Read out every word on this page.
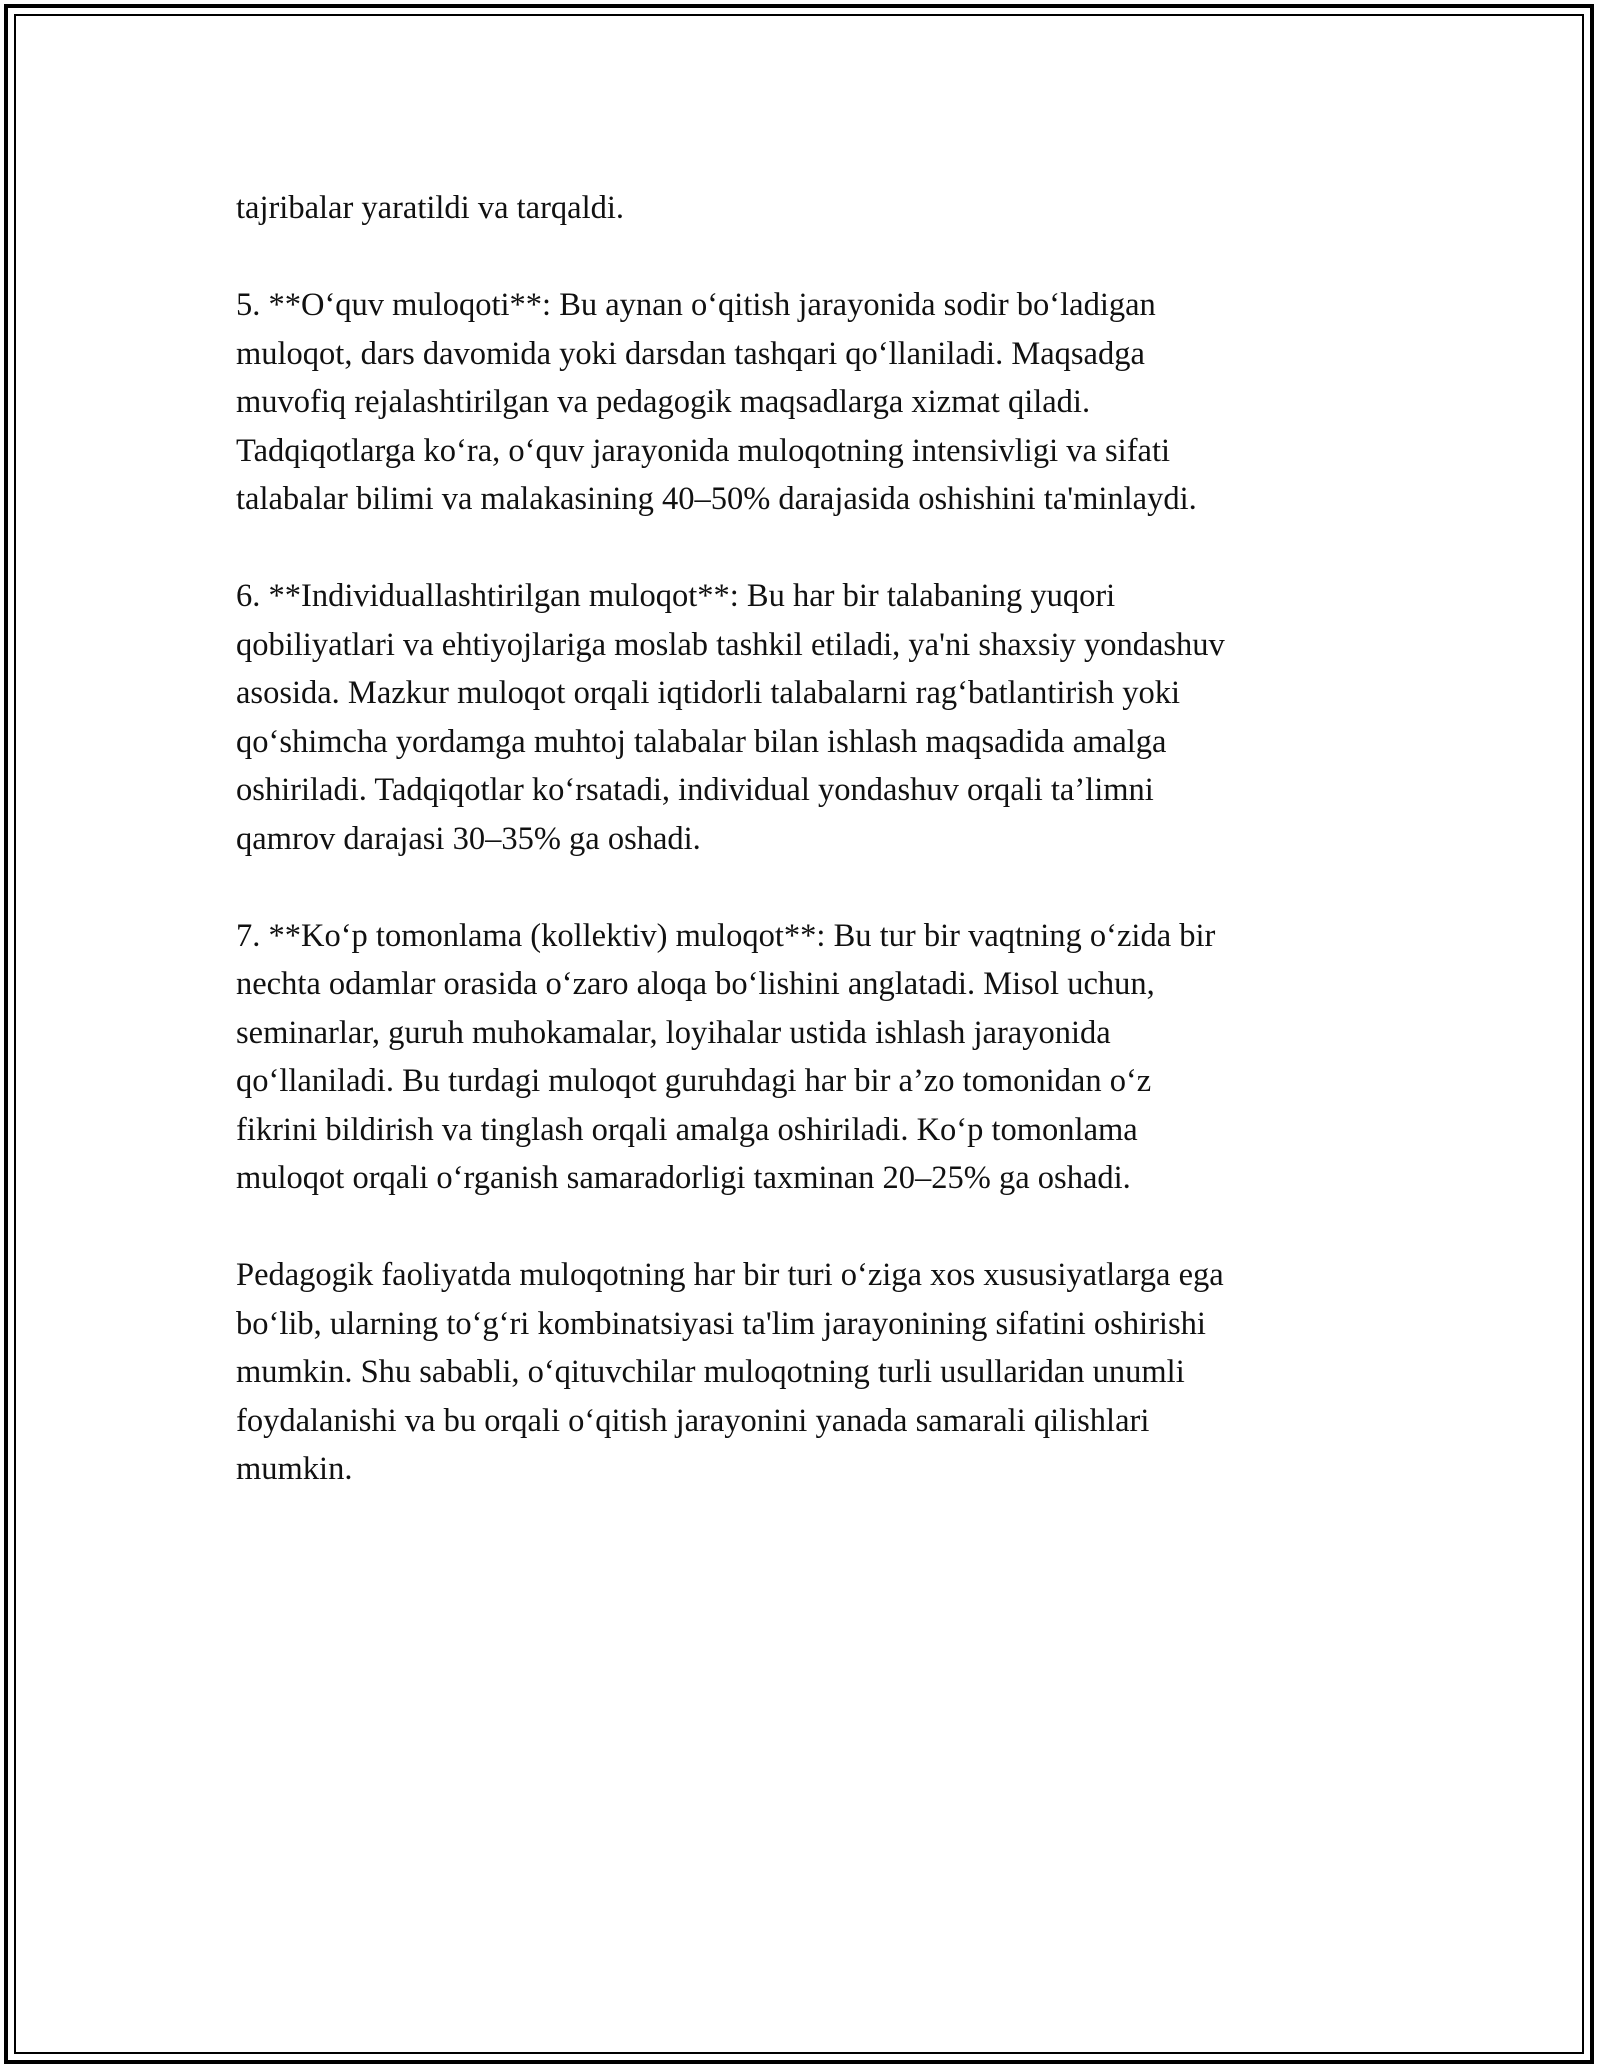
tajribalar yaratildi va tarqaldi.

5. **O‘quv muloqoti**: Bu aynan o‘qitish jarayonida sodir bo‘ladigan
muloqot, dars davomida yoki darsdan tashqari qo‘llaniladi. Maqsadga
muvofiq rejalashtirilgan va pedagogik maqsadlarga xizmat qiladi.
Tadqiqotlarga ko‘ra, o‘quv jarayonida muloqotning intensivligi va sifati
talabalar bilimi va malakasining 40–50% darajasida oshishini ta'minlaydi.

6. **Individuallashtirilgan muloqot**: Bu har bir talabaning yuqori
qobiliyatlari va ehtiyojlariga moslab tashkil etiladi, ya'ni shaxsiy yondashuv
asosida. Mazkur muloqot orqali iqtidorli talabalarni rag‘batlantirish yoki
qo‘shimcha yordamga muhtoj talabalar bilan ishlash maqsadida amalga
oshiriladi. Tadqiqotlar ko‘rsatadi, individual yondashuv orqali ta’limni
qamrov darajasi 30–35% ga oshadi.

7. **Ko‘p tomonlama (kollektiv) muloqot**: Bu tur bir vaqtning o‘zida bir
nechta odamlar orasida o‘zaro aloqa bo‘lishini anglatadi. Misol uchun,
seminarlar, guruh muhokamalar, loyihalar ustida ishlash jarayonida
qo‘llaniladi. Bu turdagi muloqot guruhdagi har bir a’zo tomonidan o‘z
fikrini bildirish va tinglash orqali amalga oshiriladi. Ko‘p tomonlama
muloqot orqali o‘rganish samaradorligi taxminan 20–25% ga oshadi.

Pedagogik faoliyatda muloqotning har bir turi o‘ziga xos xususiyatlarga ega
bo‘lib, ularning to‘g‘ri kombinatsiyasi ta'lim jarayonining sifatini oshirishi
mumkin. Shu sababli, o‘qituvchilar muloqotning turli usullaridan unumli
foydalanishi va bu orqali o‘qitish jarayonini yanada samarali qilishlari
mumkin.
